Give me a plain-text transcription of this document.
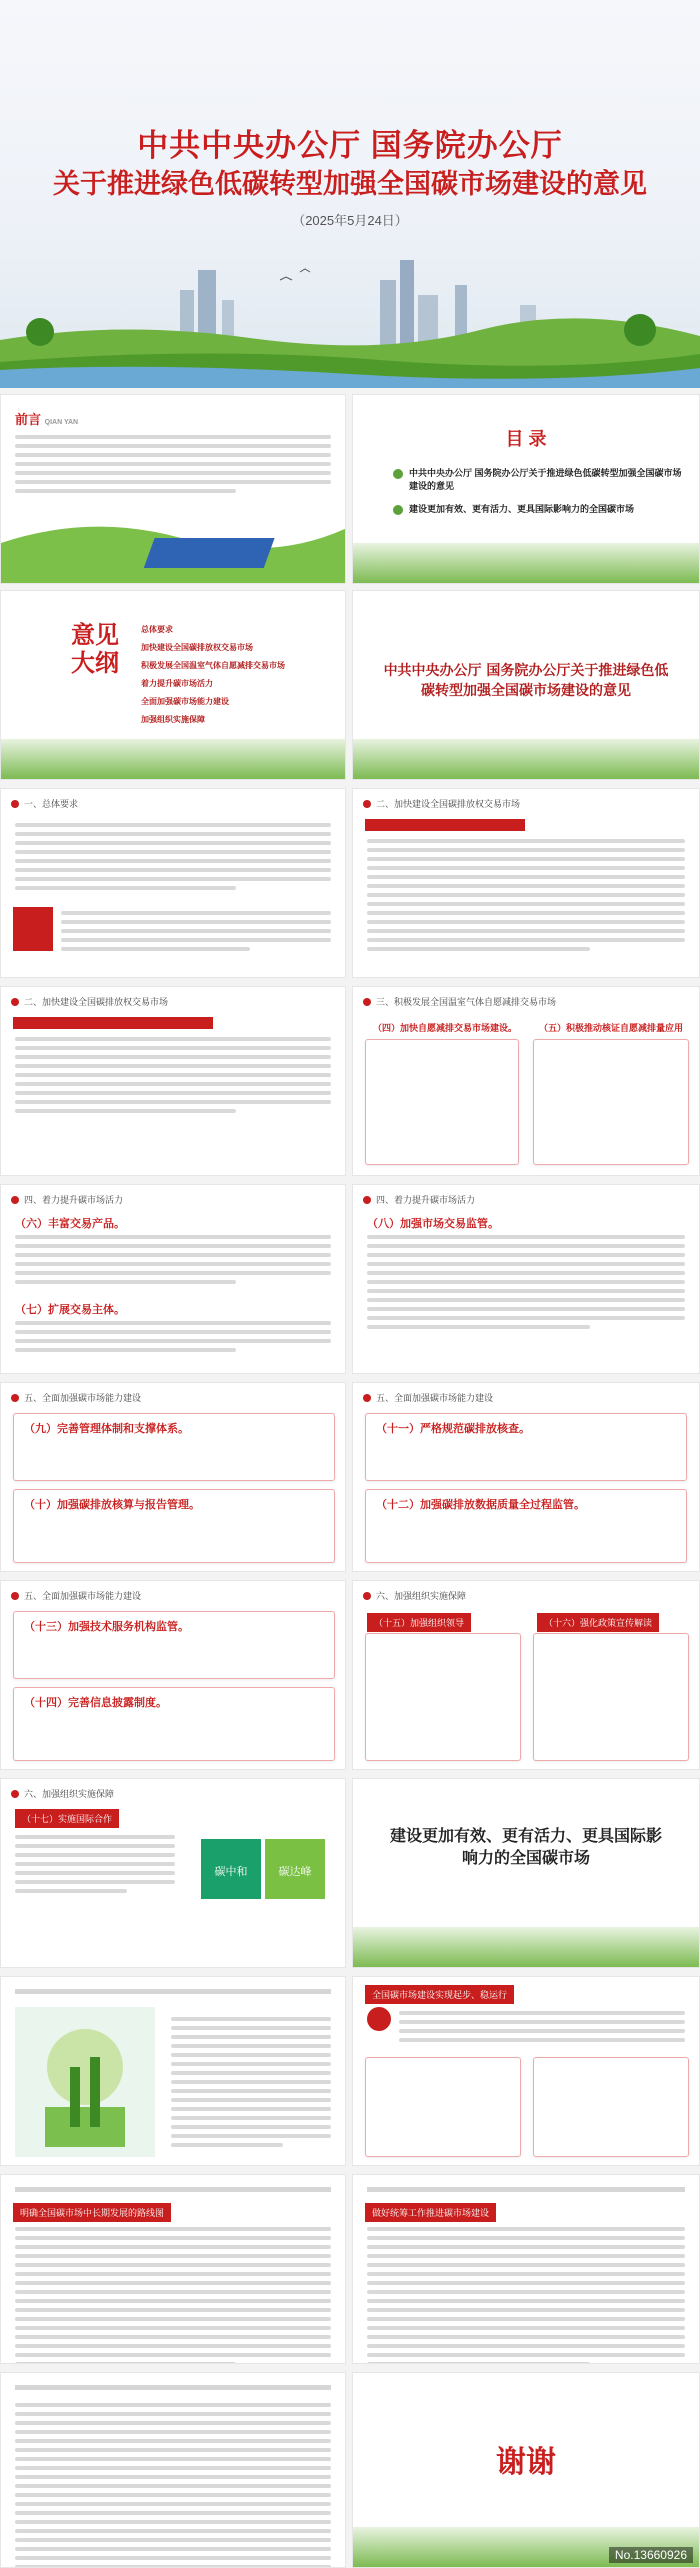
中共中央办公厅 国务院办公厅
关于推进绿色低碳转型加强全国碳市场建设的意见
（2025年5月24日）
前言 QIAN YAN
目 录
中共中央办公厅 国务院办公厅关于推进绿色低碳转型加强全国碳市场建设的意见
建设更加有效、更有活力、更具国际影响力的全国碳市场
意见大纲
总体要求
加快建设全国碳排放权交易市场
积极发展全国温室气体自愿减排交易市场
着力提升碳市场活力
全面加强碳市场能力建设
加强组织实施保障
中共中央办公厅 国务院办公厅关于推进绿色低碳转型加强全国碳市场建设的意见
一、总体要求	二、加快建设全国碳排放权交易市场
二、加快建设全国碳排放权交易市场	三、积极发展全国温室气体自愿减排交易市场
（四）加快自愿减排交易市场建设。 （五）积极推动核证自愿减排量应用
四、着力提升碳市场活力
（六）丰富交易产品。
（七）扩展交易主体。
四、着力提升碳市场活力
（八）加强市场交易监管。
五、全面加强碳市场能力建设
（九）完善管理体制和支撑体系。
（十）加强碳排放核算与报告管理。
五、全面加强碳市场能力建设
（十一）严格规范碳排放核查。
（十二）加强碳排放数据质量全过程监管。
五、全面加强碳市场能力建设
（十三）加强技术服务机构监管。
（十四）完善信息披露制度。
六、加强组织实施保障
（十五）加强组织领导	（十六）强化政策宣传解读
六、加强组织实施保障
（十七）实施国际合作
碳中和	碳达峰
建设更加有效、更有活力、更具国际影响力的全国碳市场
全国碳市场建设实现起步、稳运行
明确全国碳市场中长期发展的路线图	做好统筹工作推进碳市场建设
谢谢
No.13660926
